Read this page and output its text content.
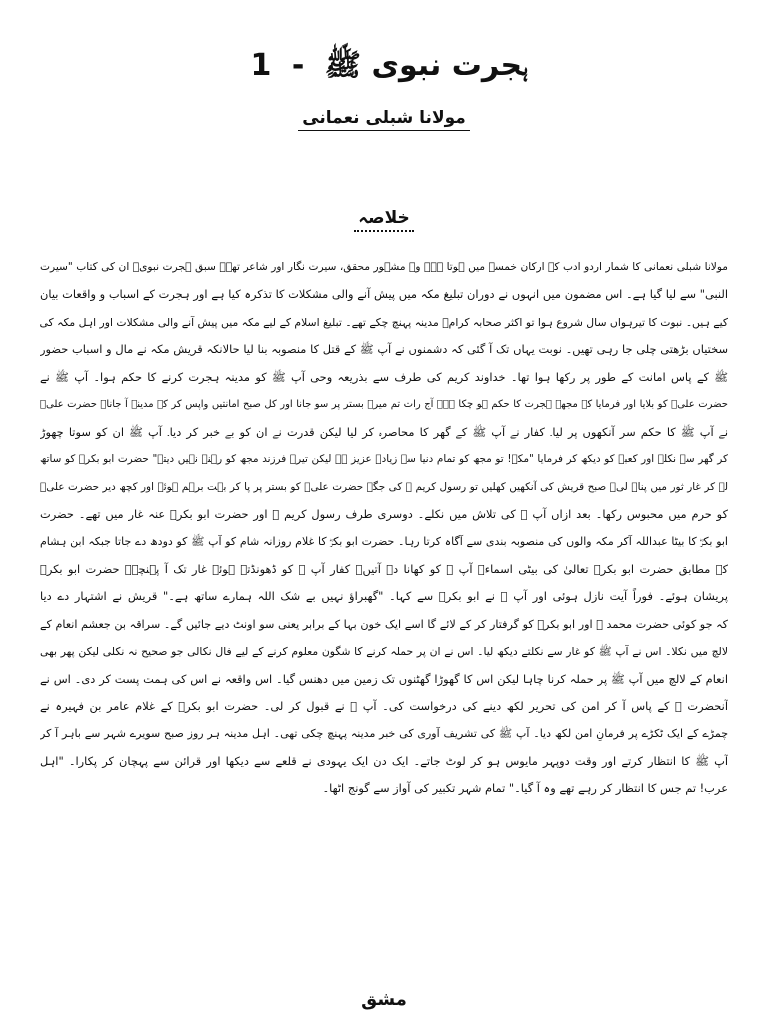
ہجرت نبوی ﷺ - 1
مولانا شبلی نعمانی
خلاصہ
مولانا شبلی نعمانی کا شمار اردو ادب کے ارکان خمسہ میں ہوتا ہے۔ وہ مشہور محقق، سیرت نگار اور شاعر تھے۔ سبق ہجرت نبویؐ ان کی کتاب "سیرت
النبی" سے لیا گیا ہے۔ اس مضمون میں انہوں نے دوران تبلیغ مکہ میں پیش آنے والی مشکلات کا تذکرہ کیا ہے اور ہجرت کے اسباب و واقعات بیان
کیے ہیں۔ نبوت کا تیرہواں سال شروع ہوا تو اکثر صحابہ کرامؓ مدینہ پہنچ چکے تھے۔ تبلیغ اسلام کے لیے مکہ میں پیش آنے والی مشکلات اور اہل مکہ کی
سختیاں بڑھتی چلی جا رہی تھیں۔ نوبت یہاں تک آ گئی کہ دشمنوں نے آپ ﷺ کے قتل کا منصوبہ بنا لیا حالانکہ قریش مکہ نے مال و اسباب حضور
ﷺ کے پاس امانت کے طور پر رکھا ہوا تھا۔ خداوند کریم کی طرف سے بذریعہ وحی آپ ﷺ کو مدینہ ہجرت کرنے کا حکم ہوا۔ آپ ﷺ نے
حضرت علیؓ کو بلایا اور فرمایا کہ مجھے ہجرت کا حکم ہو چکا ہے۔ آج رات تم میرے بستر پر سو جانا اور کل صبح امانتیں واپس کر کے مدینہ آ جانا۔ حضرت علیؓ
نے آپ ﷺ کا حکم سر آنکھوں پر لیا۔ کفار نے آپ ﷺ کے گھر کا محاصرہ کر لیا لیکن قدرت نے ان کو بے خبر کر دیا۔ آپ ﷺ ان کو سوتا چھوڑ
کر گھر سے نکلے اور کعبہ کو دیکھ کر فرمایا "مکہ! تو مجھ کو تمام دنیا سے زیادہ عزیز ہے لیکن تیرے فرزند مجھ کو رہنے نہیں دیتے" حضرت ابو بکرؓ کو ساتھ
لے کر غار ثور میں پناہ لی۔ صبح قریش کی آنکھیں کھلیں تو رسول کریم ﷺ کی جگہ حضرت علیؓ کو بستر پر پا کر بہت برہم ہوئے اور کچھ دیر حضرت علیؓ
کو حرم میں محبوس رکھا۔ بعد ازاں آپ ﷺ کی تلاش میں نکلے۔ دوسری طرف رسول کریم ﷺ اور حضرت ابو بکرؓ عنہ غار میں تھے۔ حضرت
ابو بکرؓ کا بیٹا عبداللہ آکر مکہ والوں کی منصوبہ بندی سے آگاہ کرتا رہا۔ حضرت ابو بکرؓ کا غلام روزانہ شام کو آپ ﷺ کو دودھ دے جاتا جبکہ ابن ہشام
کے مطابق حضرت ابو بکرؓ تعالیٰ کی بیٹی اسماءؓ آپ ﷺ کو کھانا دے آتیں۔ کفار آپ ﷺ کو ڈھونڈتے ہوئے غار تک آ پہنچے۔ حضرت ابو بکرؓ
پریشان ہوئے۔ فوراً آیت نازل ہوئی اور آپ ﷺ نے ابو بکرؓ سے کہا۔ "گھبراؤ نہیں بے شک اللہ ہمارے ساتھ ہے۔" قریش نے اشتہار دے دیا
کہ جو کوئی حضرت محمد ﷺ اور ابو بکرؓ کو گرفتار کر کے لائے گا اسے ایک خون بہا کے برابر یعنی سو اونٹ دیے جائیں گے۔ سراقہ بن جعشم انعام کے
لالچ میں نکلا۔ اس نے آپ ﷺ کو غار سے نکلتے دیکھ لیا۔ اس نے ان پر حملہ کرنے کا شگون معلوم کرنے کے لیے فال نکالی جو صحیح نہ نکلی لیکن پھر بھی
انعام کے لالچ میں آپ ﷺ پر حملہ کرنا چاہا لیکن اس کا گھوڑا گھٹنوں تک زمین میں دھنس گیا۔ اس واقعہ نے اس کی ہمت پست کر دی۔ اس نے
آنحضرت ﷺ کے پاس آ کر امن کی تحریر لکھ دینے کی درخواست کی۔ آپ ﷺ نے قبول کر لی۔ حضرت ابو بکرؓ کے غلام عامر بن فہیرہ نے
چمڑے کے ایک ٹکڑے پر فرمانِ امن لکھ دیا۔ آپ ﷺ کی تشریف آوری کی خبر مدینہ پہنچ چکی تھی۔ اہل مدینہ ہر روز صبح سویرے شہر سے باہر آ کر
آپ ﷺ کا انتظار کرتے اور وقت دوپہر مایوس ہو کر لوٹ جاتے۔ ایک دن ایک یہودی نے قلعے سے دیکھا اور قرائن سے پہچان کر پکارا۔ "اہل
عرب! تم جس کا انتظار کر رہے تھے وہ آ گیا۔" تمام شہر تکبیر کی آواز سے گونج اٹھا۔
مشق
